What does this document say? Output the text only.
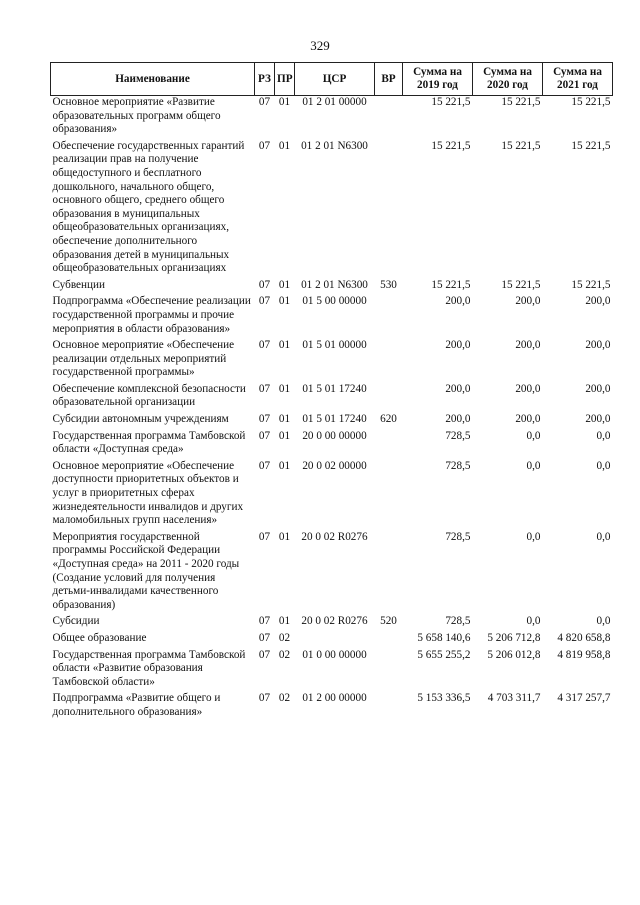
329
Наименование	РЗ	ПР	ЦСР	ВР	Сумма на 2019 год	Сумма на 2020 год	Сумма на 2021 год
Основное мероприятие «Развитие образовательных программ общего образования»	07	01	01 2 01 00000		15 221,5	15 221,5	15 221,5
Обеспечение государственных гарантий реализации прав на получение общедоступного и бесплатного дошкольного, начального общего, основного общего, среднего общего образования в муниципальных общеобразовательных организациях, обеспечение дополнительного образования детей в муниципальных общеобразовательных организациях	07	01	01 2 01 N6300		15 221,5	15 221,5	15 221,5
Субвенции	07	01	01 2 01 N6300	530	15 221,5	15 221,5	15 221,5
Подпрограмма «Обеспечение реализации государственной программы и прочие мероприятия в области образования»	07	01	01 5 00 00000		200,0	200,0	200,0
Основное мероприятие «Обеспечение реализации отдельных мероприятий государственной программы»	07	01	01 5 01 00000		200,0	200,0	200,0
Обеспечение комплексной безопасности образовательной организации	07	01	01 5 01 17240		200,0	200,0	200,0
Субсидии автономным учреждениям	07	01	01 5 01 17240	620	200,0	200,0	200,0
Государственная программа Тамбовской области «Доступная среда»	07	01	20 0 00 00000		728,5	0,0	0,0
Основное мероприятие «Обеспечение доступности приоритетных объектов и услуг в приоритетных сферах жизнедеятельности инвалидов и других маломобильных групп населения»	07	01	20 0 02 00000		728,5	0,0	0,0
Мероприятия государственной программы Российской Федерации «Доступная среда» на 2011 - 2020 годы (Создание условий для получения детьми-инвалидами качественного образования)	07	01	20 0 02 R0276		728,5	0,0	0,0
Субсидии	07	01	20 0 02 R0276	520	728,5	0,0	0,0
Общее образование	07	02			5 658 140,6	5 206 712,8	4 820 658,8
Государственная программа Тамбовской области «Развитие образования Тамбовской области»	07	02	01 0 00 00000		5 655 255,2	5 206 012,8	4 819 958,8
Подпрограмма «Развитие общего и дополнительного образования»	07	02	01 2 00 00000		5 153 336,5	4 703 311,7	4 317 257,7
